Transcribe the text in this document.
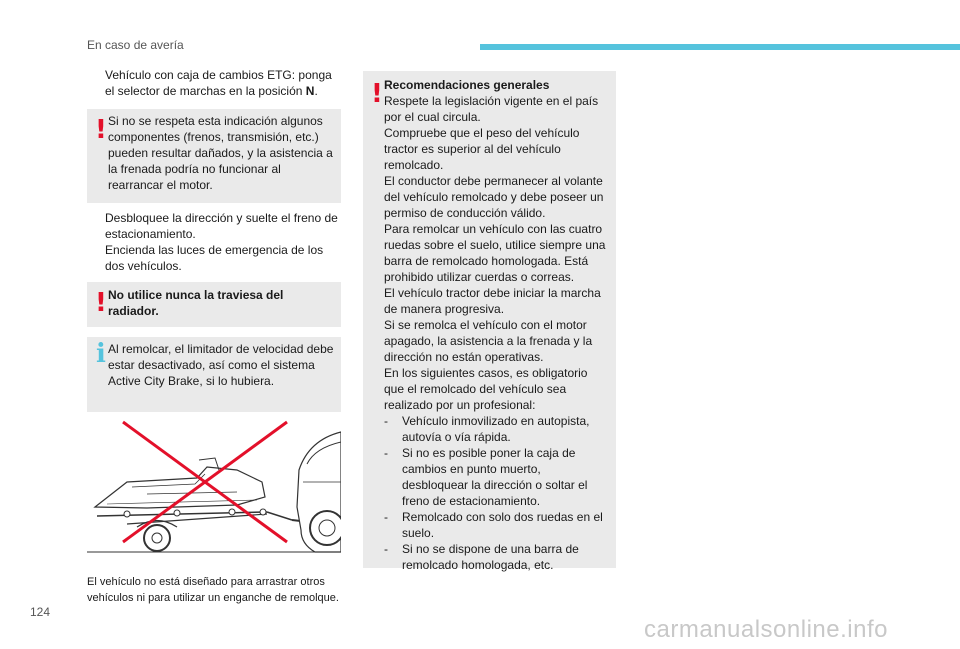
En caso de avería
Vehículo con caja de cambios ETG: ponga el selector de marchas en la posición N.
! Si no se respeta esta indicación algunos componentes (frenos, transmisión, etc.) pueden resultar dañados, y la asistencia a la frenada podría no funcionar al rearrancar el motor.
Desbloquee la dirección y suelte el freno de estacionamiento.
Encienda las luces de emergencia de los dos vehículos.
! No utilice nunca la traviesa del radiador.
i Al remolcar, el limitador de velocidad debe estar desactivado, así como el sistema Active City Brake, si lo hubiera.
El vehículo no está diseñado para arrastrar otros vehículos ni para utilizar un enganche de remolque.
! Recomendaciones generales
Respete la legislación vigente en el país por el cual circula.
Compruebe que el peso del vehículo tractor es superior al del vehículo remolcado.
El conductor debe permanecer al volante del vehículo remolcado y debe poseer un permiso de conducción válido.
Para remolcar un vehículo con las cuatro ruedas sobre el suelo, utilice siempre una barra de remolcado homologada. Está prohibido utilizar cuerdas o correas.
El vehículo tractor debe iniciar la marcha de manera progresiva.
Si se remolca el vehículo con el motor apagado, la asistencia a la frenada y la dirección no están operativas.
En los siguientes casos, es obligatorio que el remolcado del vehículo sea realizado por un profesional:
- Vehículo inmovilizado en autopista, autovía o vía rápida.
- Si no es posible poner la caja de cambios en punto muerto, desbloquear la dirección o soltar el freno de estacionamiento.
- Remolcado con solo dos ruedas en el suelo.
- Si no se dispone de una barra de remolcado homologada, etc.
124
carmanualsonline.info
